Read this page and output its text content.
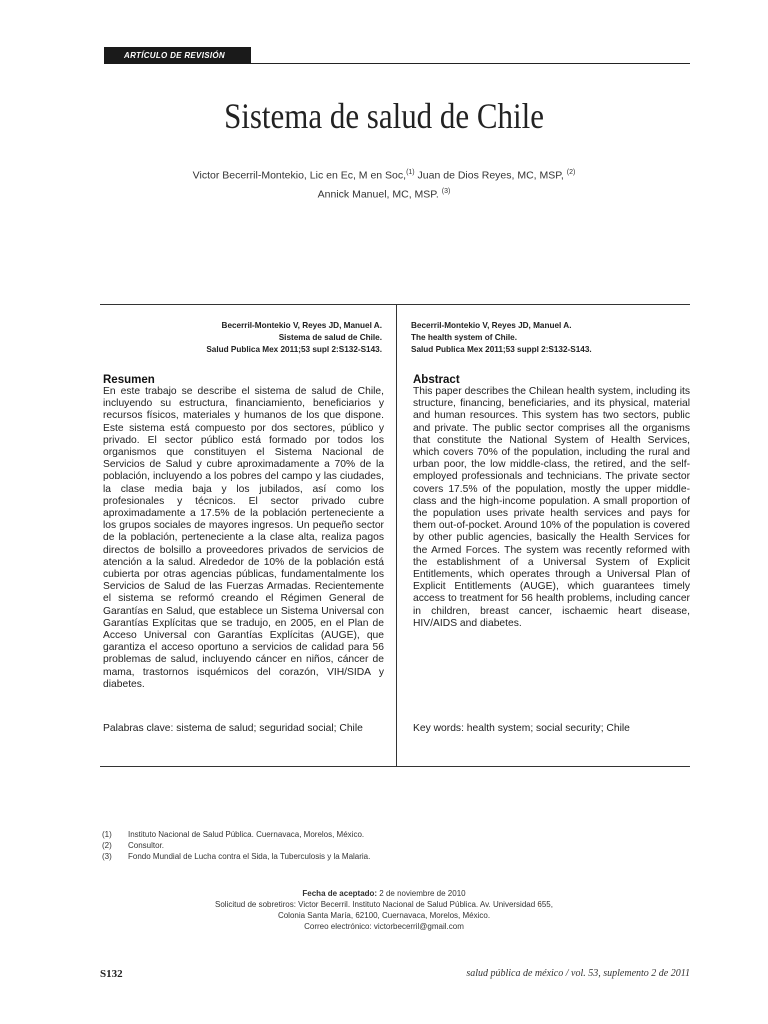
ARTÍCULO DE REVISIÓN
Sistema de salud de Chile
Victor Becerril-Montekio, Lic en Ec, M en Soc,$^{(1)}$ Juan de Dios Reyes, MC, MSP, $^{(2)}$
Annick Manuel, MC, MSP. $^{(3)}$
Becerril-Montekio V, Reyes JD, Manuel A.
Sistema de salud de Chile.
Salud Publica Mex 2011;53 supl 2:S132-S143.
Becerril-Montekio V, Reyes JD, Manuel A.
The health system of Chile.
Salud Publica Mex 2011;53 suppl 2:S132-S143.
Resumen
En este trabajo se describe el sistema de salud de Chile, incluyendo su estructura, financiamiento, beneficiarios y recursos físicos, materiales y humanos de los que dispone. Este sistema está compuesto por dos sectores, público y privado. El sector público está formado por todos los organismos que constituyen el Sistema Nacional de Servicios de Salud y cubre aproximadamente a 70% de la población, incluyendo a los pobres del campo y las ciudades, la clase media baja y los jubilados, así como los profesionales y técnicos. El sector privado cubre aproximadamente a 17.5% de la población perteneciente a los grupos sociales de mayores ingresos. Un pequeño sector de la población, perteneciente a la clase alta, realiza pagos directos de bolsillo a proveedores privados de servicios de atención a la salud. Alrededor de 10% de la población está cubierta por otras agencias públicas, fundamentalmente los Servicios de Salud de las Fuerzas Armadas. Recientemente el sistema se reformó creando el Régimen General de Garantías en Salud, que establece un Sistema Universal con Garantías Explícitas que se tradujo, en 2005, en el Plan de Acceso Universal con Garantías Explícitas (AUGE), que garantiza el acceso oportuno a servicios de calidad para 56 problemas de salud, incluyendo cáncer en niños, cáncer de mama, trastornos isquémicos del corazón, VIH/SIDA y diabetes.
Palabras clave: sistema de salud; seguridad social; Chile
Abstract
This paper describes the Chilean health system, including its structure, financing, beneficiaries, and its physical, material and human resources. This system has two sectors, public and private. The public sector comprises all the organisms that constitute the National System of Health Services, which covers 70% of the population, including the rural and urban poor, the low middle-class, the retired, and the self-employed professionals and technicians. The private sector covers 17.5% of the population, mostly the upper middle-class and the high-income population. A small proportion of the population uses private health services and pays for them out-of-pocket. Around 10% of the population is covered by other public agencies, basically the Health Services for the Armed Forces. The system was recently reformed with the establishment of a Universal System of Explicit Entitlements, which operates through a Universal Plan of Explicit Entitlements (AUGE), which guarantees timely access to treatment for 56 health problems, including cancer in children, breast cancer, ischaemic heart disease, HIV/AIDS and diabetes.
Key words: health system; social security; Chile
(1)	Instituto Nacional de Salud Pública. Cuernavaca, Morelos, México.
(2)	Consultor.
(3)	Fondo Mundial de Lucha contra el Sida, la Tuberculosis y la Malaria.
Fecha de aceptado: 2 de noviembre de 2010
Solicitud de sobretiros: Victor Becerril. Instituto Nacional de Salud Pública. Av. Universidad 655,
Colonia Santa María, 62100, Cuernavaca, Morelos, México.
Correo electrónico: victorbecerril@gmail.com
S132	salud pública de méxico / vol. 53, suplemento 2 de 2011
